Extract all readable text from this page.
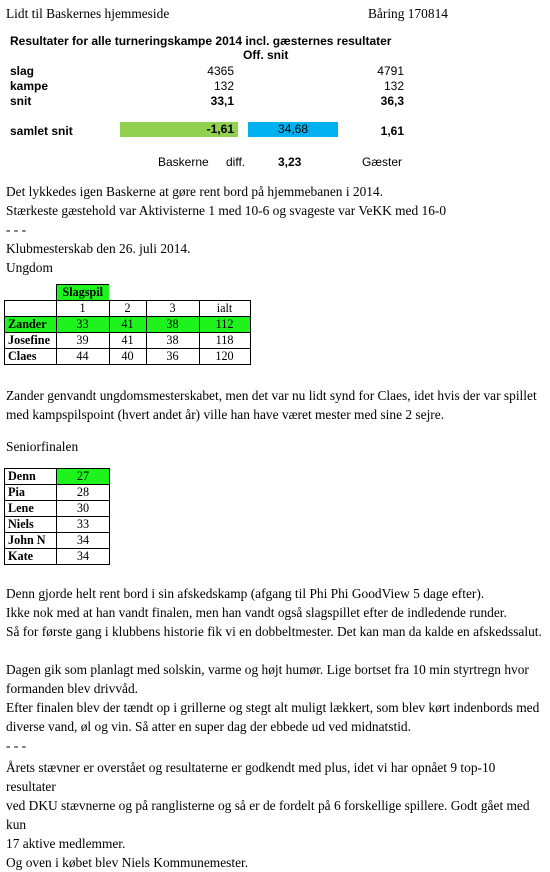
Lidt til Baskernes hjemmeside	Båring 170814
Resultater for alle turneringskampe 2014 incl. gæsternes resultater
Off. snit
slag	4365	4791
kampe	132	132
snit	33,1	36,3
samlet snit	-1,61	34,68	1,61
Baskerne diff.	3,23	Gæster

Det lykkedes igen Baskerne at gøre rent bord på hjemmebanen i 2014.

Stærkeste gæstehold var Aktivisterne 1 med 10-6 og svageste var VeKK med 16-0

- - -

Klubmesterskab den 26. juli 2014.

Ungdom

	Slagspil			
	1	2	3	ialt
Zander	33	41	38	112
Josefine	39	41	38	118
Claes	44	40	36	120

Zander genvandt ungdomsmesterskabet, men det var nu lidt synd for Claes, idet hvis der var spillet

med kampspilspoint (hvert andet år) ville han have været mester med sine 2 sejre.

Seniorfinalen

Denn	27
Pia	28
Lene	30
Niels	33
John N	34
Kate	34

Denn gjorde helt rent bord i sin afskedskamp (afgang til Phi Phi GoodView 5 dage efter).

Ikke nok med at han vandt finalen, men han vandt også slagspillet efter de indledende runder.

Så for første gang i klubbens historie fik vi en dobbeltmester. Det kan man da kalde en afskedssalut.

Dagen gik som planlagt med solskin, varme og højt humør. Lige bortset fra 10 min styrtregn hvor

formanden blev drivvåd.

Efter finalen blev der tændt op i grillerne og stegt alt muligt lækkert, som blev kørt indenbords med

diverse vand, øl og vin. Så atter en super dag der ebbede ud ved midnatstid.

- - -

Årets stævner er overstået og resultaterne er godkendt med plus, idet vi har opnået 9 top-10 resultater

ved DKU stævnerne og på ranglisterne og så er de fordelt på 6 forskellige spillere. Godt gået med kun

17 aktive medlemmer.

Og oven i købet blev Niels Kommunemester.
